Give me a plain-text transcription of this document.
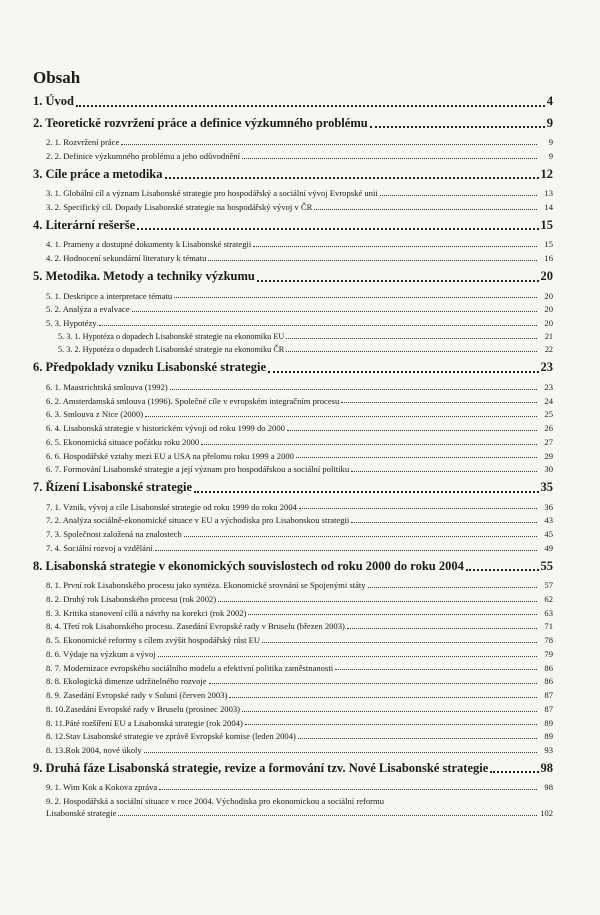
Obsah
1. Úvod	4
2. Teoretické rozvržení práce a definice výzkumného problému	9
2. 1. Rozvržení práce	9
2. 2. Definice výzkumného problému a jeho odůvodnění	9
3. Cíle práce a metodika	12
3. 1. Globální cíl a význam Lisabonské strategie pro hospodářský a sociální vývoj Evropské unii	13
3. 2. Specifický cíl. Dopady Lisabonské strategie na hospodářský vývoj v ČR	14
4. Literární rešerše	15
4. 1. Prameny a dostupné dokumenty k Lisabonské strategii	15
4. 2. Hodnocení sekundární literatury k tématu	16
5. Metodika. Metody a techniky výzkumu	20
5. 1. Deskripce a interpretace tématu	20
5. 2. Analýza a evalvace	20
5. 3. Hypotézy	20
5. 3. 1. Hypotéza o dopadech Lisabonské strategie na ekonomiku EU	21
5. 3. 2. Hypotéza o dopadech Lisabonské strategie na ekonomiku ČR	22
6. Předpoklady vzniku Lisabonské strategie	23
6. 1. Maastrichtská smlouva (1992)	23
6. 2. Amsterdamská smlouva (1996). Společné cíle v evropském integračním procesu	24
6. 3. Smlouva z Nice (2000)	25
6. 4. Lisabonská strategie v historickém vývoji od roku 1999 do 2000	26
6. 5. Ekonomická situace počátku roku 2000	27
6. 6. Hospodářské vztahy mezi EU a USA na přelomu roku 1999 a 2000	29
6. 7. Formování Lisabonské strategie a její význam pro hospodářskou a sociální politiku	30
7. Řízení Lisabonské strategie	35
7. 1. Vznik, vývoj a cíle Lisabonské strategie od roku 1999 do roku 2004	36
7. 2. Analýza sociálně-ekonomické situace v EU a východiska pro Lisabonskou strategii	43
7. 3. Společnost založená na znalostech	45
7. 4. Sociální rozvoj a vzdělání	49
8. Lisabonská strategie v ekonomických souvislostech od roku 2000 do roku 2004	55
8. 1. První rok Lisabonského procesu jako syntéza. Ekonomické srovnání se Spojenými státy	57
8. 2. Druhý rok Lisabonského procesu (rok 2002)	62
8. 3. Kritika stanovení cílů a návrhy na korekci (rok 2002)	63
8. 4. Třetí rok Lisabonského procesu. Zasedání Evropské rady v Bruselu (březen 2003)	71
8. 5. Ekonomické reformy s cílem zvýšit hospodářský růst EU	78
8. 6. Výdaje na výzkum a vývoj	79
8. 7. Modernizace evropského sociálního modelu a efektivní politika zaměstnanosti	86
8. 8. Ekologická dimenze udržitelného rozvoje	86
8. 9. Zasedání Evropské rady v Soluni (červen 2003)	87
8. 10.Zasedání Evropské rady v Bruselu (prosinec 2003)	87
8. 11.Páté rozšíření EU a Lisabonská strategie (rok 2004)	89
8. 12.Stav Lisabonské strategie ve zprávě Evropské komise (leden 2004)	89
8. 13.Rok 2004, nové úkoly	93
9. Druhá fáze Lisabonská strategie, revize a formování tzv. Nové Lisabonské strategie	98
9. 1. Wim Kok a Kokova zpráva	98
9. 2. Hospodářská a sociální situace v roce 2004. Východiska pro ekonomickou a sociální reformu
Lisabonské strategie	102
